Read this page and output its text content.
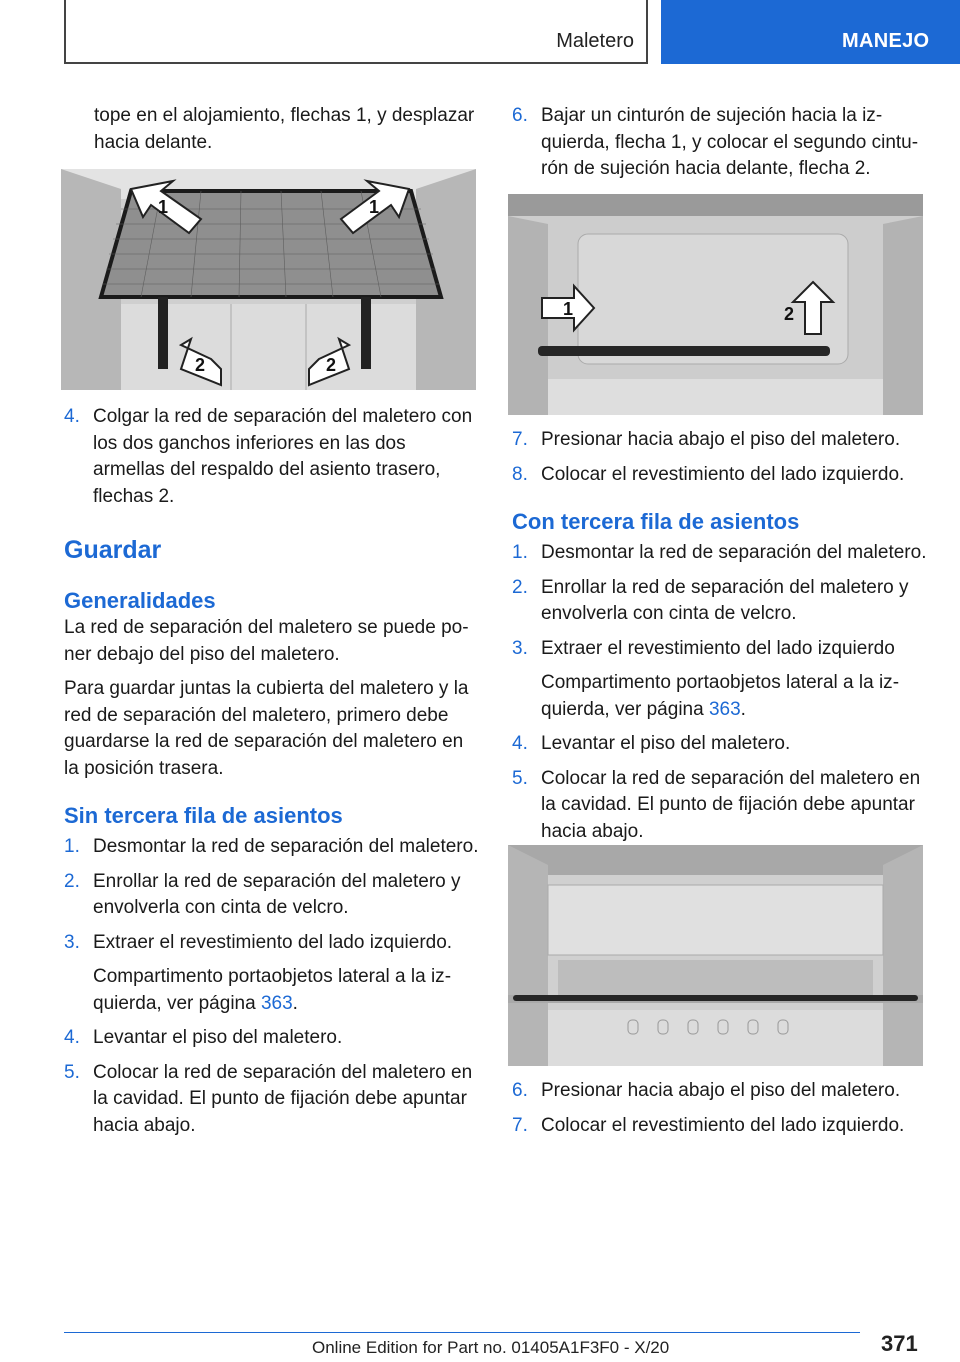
Maletero	MANEJO

tope en el alojamiento, flechas 1, y desplazar hacia delante.

1	1
2	2
4. Colgar la red de separación del maletero con los dos ganchos inferiores en las dos armellas del respaldo del asiento trasero, flechas 2.

Guardar
Generalidades

La red de separación del maletero se puede poner debajo del piso del maletero.

Para guardar juntas la cubierta del maletero y la red de separación del maletero, primero debe guardarse la red de separación del maletero en la posición trasera.

Sin tercera fila de asientos
1. Desmontar la red de separación del maletero.

2. Enrollar la red de separación del maletero y envolverla con cinta de velcro.

3. Extraer el revestimiento del lado izquierdo.

Compartimento portaobjetos lateral a la izquierda, ver página 363.

4. Levantar el piso del maletero.

5. Colocar la red de separación del maletero en la cavidad. El punto de fijación debe apuntar hacia abajo.

6. Bajar un cinturón de sujeción hacia la izquierda, flecha 1, y colocar el segundo cinturón de sujeción hacia delante, flecha 2.

1	2
7. Presionar hacia abajo el piso del maletero.

8. Colocar el revestimiento del lado izquierdo.

Con tercera fila de asientos
1. Desmontar la red de separación del maletero.

2. Enrollar la red de separación del maletero y envolverla con cinta de velcro.

3. Extraer el revestimiento del lado izquierdo

Compartimento portaobjetos lateral a la izquierda, ver página 363.

4. Levantar el piso del maletero.

5. Colocar la red de separación del maletero en la cavidad. El punto de fijación debe apuntar hacia abajo.

6. Presionar hacia abajo el piso del maletero.

7. Colocar el revestimiento del lado izquierdo.

371
Online Edition for Part no. 01405A1F3F0 - X/20
